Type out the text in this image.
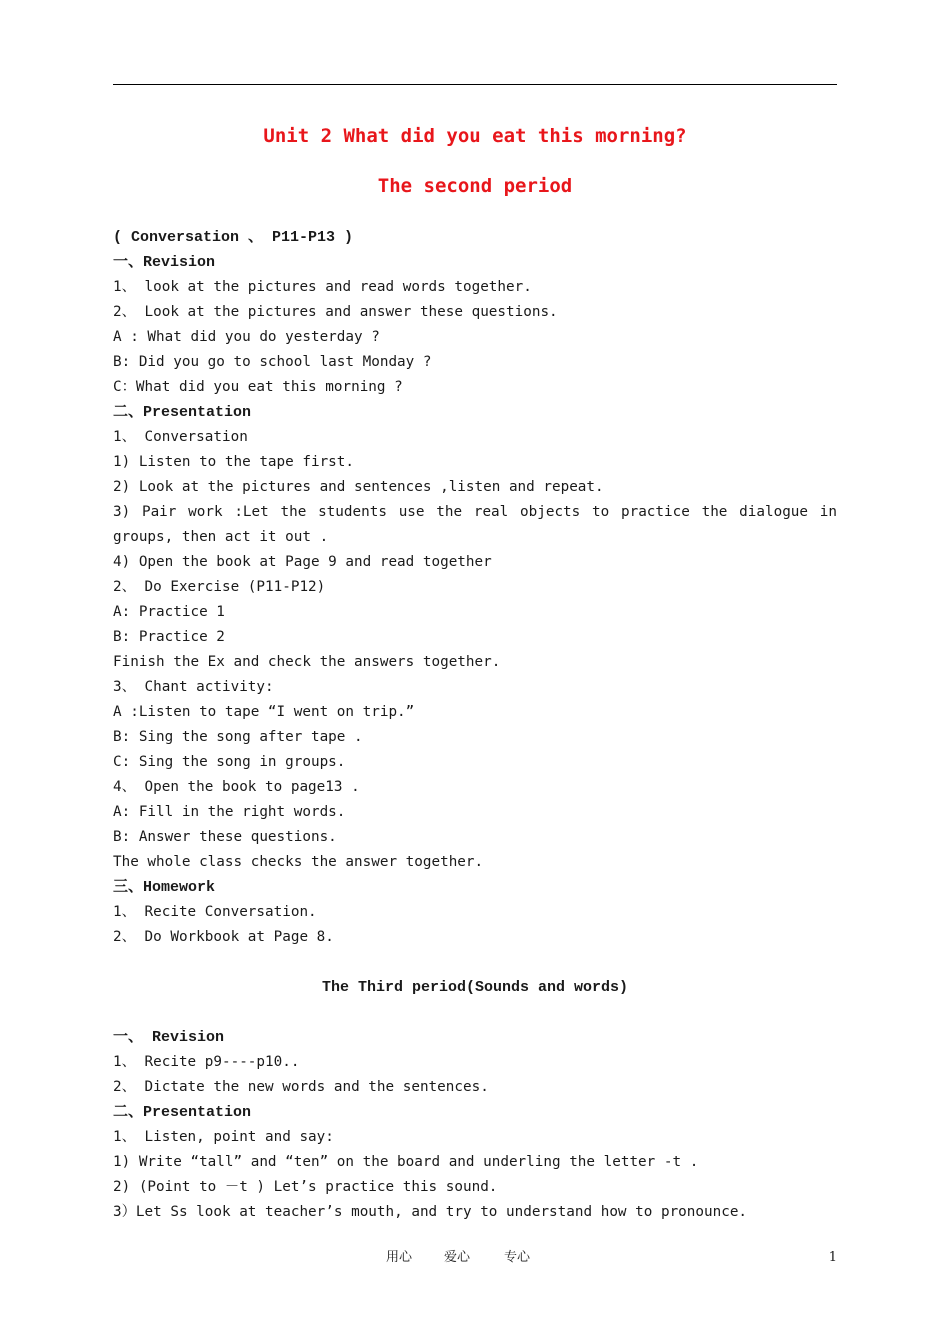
Unit 2 What did you eat this morning?
The second period
( Conversation 、 P11-P13 )
一、Revision
1、 look at the pictures and read words together.
2、 Look at the pictures and answer these questions.
A : What did you do yesterday ?
B: Did you go to school last Monday ?
C：What did you eat this morning ?
二、Presentation
1、 Conversation
1) Listen to the tape first.
2) Look at the pictures and sentences ,listen and repeat.
3) Pair work :Let the students use the real objects to practice the dialogue in
groups, then act it out .
4) Open the book at Page 9 and read together
2、 Do Exercise (P11-P12)
A: Practice 1
B: Practice 2
Finish the Ex and check the answers together.
3、 Chant activity:
A :Listen to tape “I went on trip.”
B: Sing the song after tape .
C: Sing the song in groups.
4、 Open the book to page13 .
A: Fill in the right words.
B: Answer these questions.
The whole class checks the answer together.
三、Homework
1、 Recite Conversation.
2、 Do Workbook at Page 8.
The Third period(Sounds and words)
一、 Revision
1、 Recite p9----p10..
2、 Dictate the new words and the sentences.
二、Presentation
1、 Listen, point and say:
1) Write “tall” and “ten” on the board and underling the letter -t .
2) (Point to －t ) Let’s practice this sound.
3）Let Ss look at teacher’s mouth, and try to understand how to pronounce.
用心 爱心	专心	1
